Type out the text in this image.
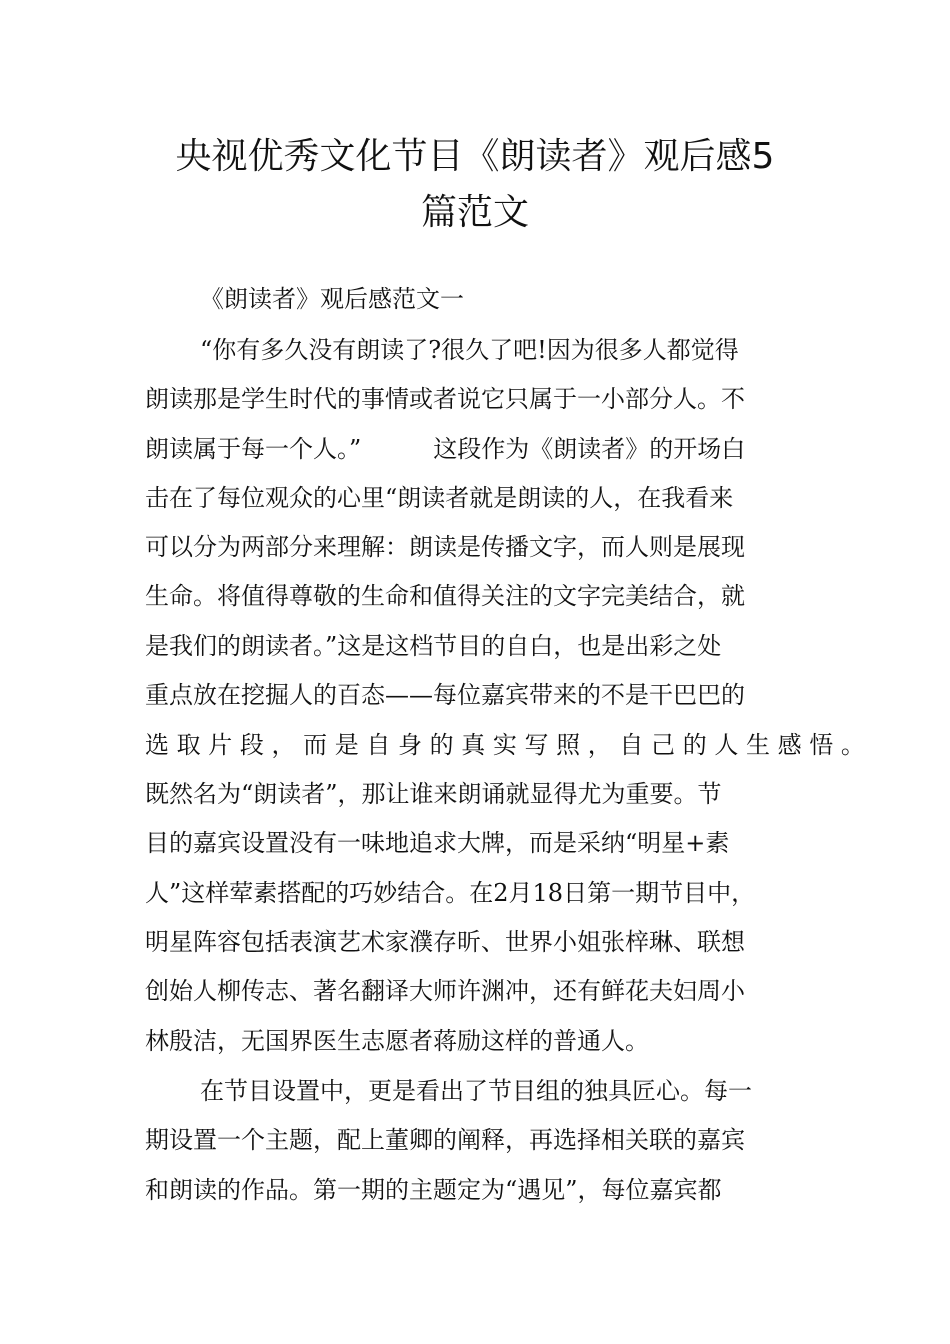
央视优秀文化节目《朗读者》观后感5
篇范文

《朗读者》观后感范文一

“你有多久没有朗读了?很久了吧!因为很多人都觉得

朗读那是学生时代的事情或者说它只属于一小部分人。不

朗读属于每一个人。”　　　这段作为《朗读者》的开场白

击在了每位观众的心里“朗读者就是朗读的人，在我看来

可以分为两部分来理解：朗读是传播文字，而人则是展现

生命。将值得尊敬的生命和值得关注的文字完美结合，就

是我们的朗读者。”这是这档节目的自白，也是出彩之处

重点放在挖掘人的百态——每位嘉宾带来的不是干巴巴的

选 取 片 段 ， 而 是 自 身 的 真 实 写 照 ， 自 己 的 人 生 感 悟 。

既然名为“朗读者”，那让谁来朗诵就显得尤为重要。节

目的嘉宾设置没有一味地追求大牌，而是采纳“明星+素

人”这样荤素搭配的巧妙结合。在2月18日第一期节目中，

明星阵容包括表演艺术家濮存昕、世界小姐张梓琳、联想

创始人柳传志、著名翻译大师许渊冲，还有鲜花夫妇周小

林殷洁，无国界医生志愿者蒋励这样的普通人。

在节目设置中，更是看出了节目组的独具匠心。每一

期设置一个主题，配上董卿的阐释，再选择相关联的嘉宾

和朗读的作品。第一期的主题定为“遇见”，每位嘉宾都
